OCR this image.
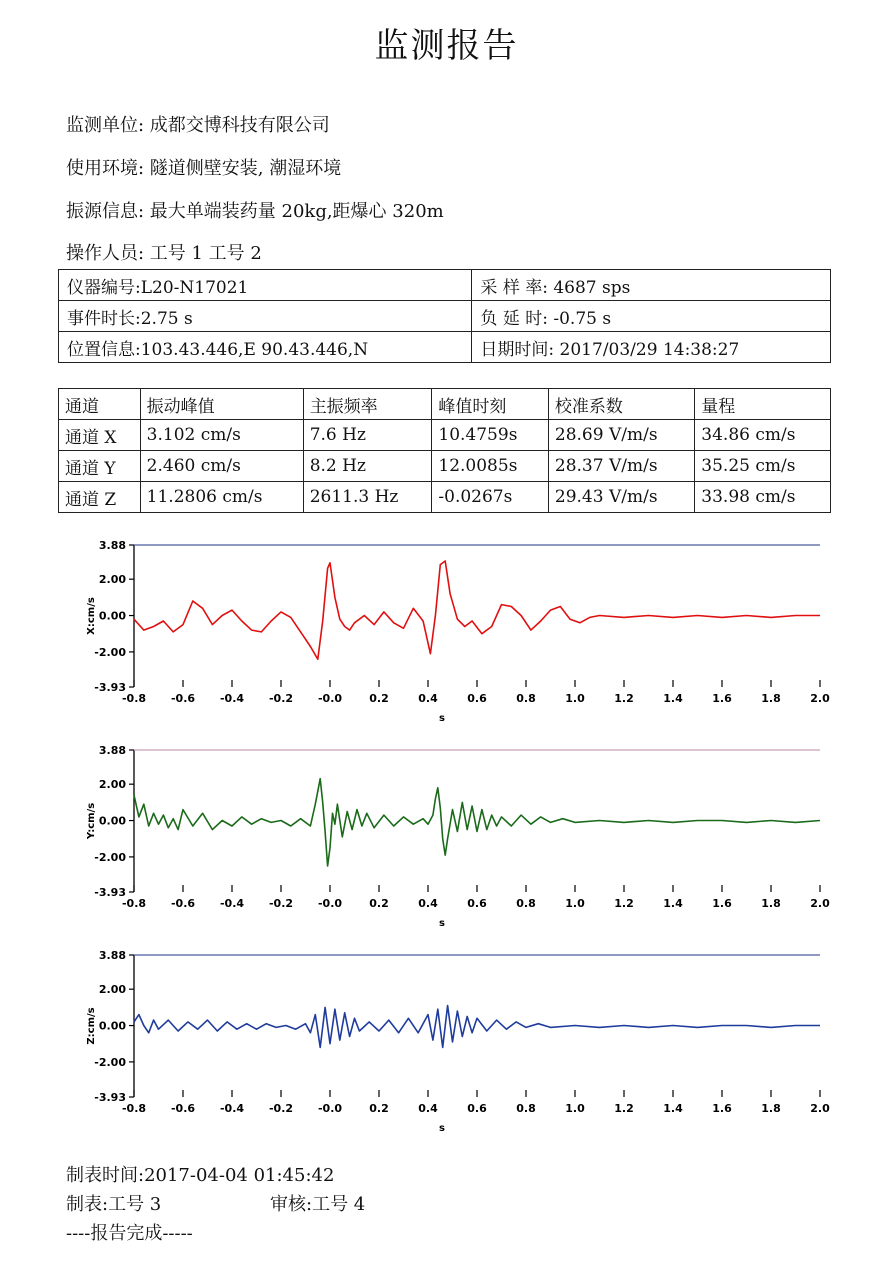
监测报告
监测单位: 成都交博科技有限公司
使用环境: 隧道侧壁安装, 潮湿环境
振源信息: 最大单端装药量 20kg,距爆心 320m
操作人员: 工号 1 工号 2
仪器编号:L20-N17021	采 样 率: 4687 sps
事件时长:2.75 s	负 延 时: -0.75 s
位置信息:103.43.446,E 90.43.446,N	日期时间: 2017/03/29 14:38:27
通道	振动峰值	主振频率	峰值时刻	校准系数	量程
通道 X	3.102 cm/s	7.6 Hz	10.4759s	28.69 V/m/s	34.86 cm/s
通道 Y	2.460 cm/s	8.2 Hz	12.0085s	28.37 V/m/s	35.25 cm/s
通道 Z	11.2806 cm/s	2611.3 Hz	-0.0267s	29.43 V/m/s	33.98 cm/s
3.88
2.00
0.00
-2.00
-3.93
-0.8 -0.6 -0.4 -0.2 -0.0 0.2	0.4	0.6	0.8	1.0	1.2	1.4	1.6	1.8	2.0
s
X:cm/s
3.88
2.00
0.00
-2.00
-3.93
-0.8 -0.6 -0.4 -0.2 -0.0 0.2	0.4	0.6	0.8	1.0	1.2	1.4	1.6	1.8	2.0
s
Y:cm/s
3.88
2.00
0.00
-2.00
-3.93
-0.8 -0.6 -0.4 -0.2 -0.0 0.2	0.4	0.6	0.8	1.0	1.2	1.4	1.6	1.8	2.0
s
Z:cm/s
制表时间:2017-04-04 01:45:42
制表:工号 3	审核:工号 4
----报告完成-----
